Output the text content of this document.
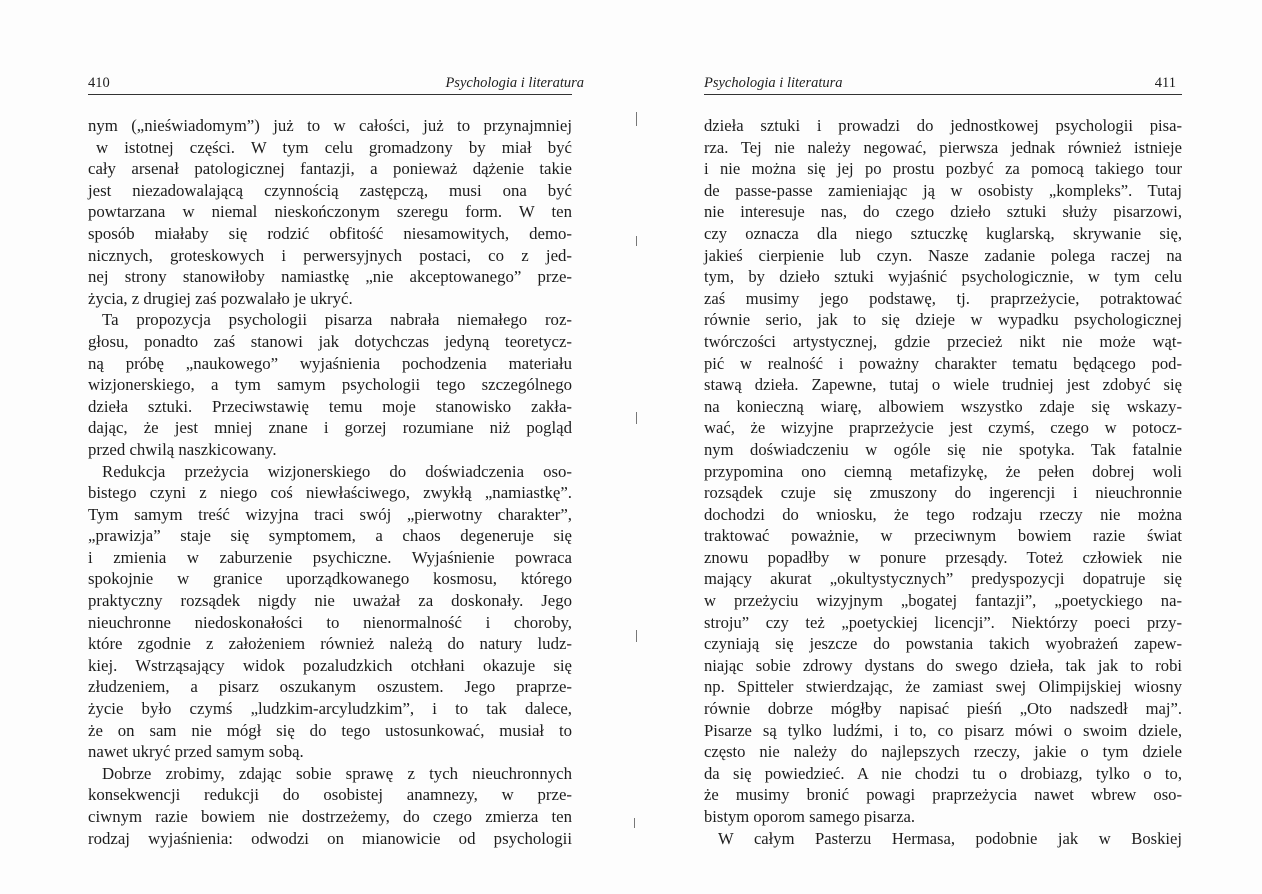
410	Psychologia i literatura
nym („nieświadomym”) już to w całości, już to przynajmniej
w istotnej części. W tym celu gromadzony by miał być
cały arsenał patologicznej fantazji, a ponieważ dążenie takie
jest niezadowalającą czynnością zastępczą, musi ona być
powtarzana w niemal nieskończonym szeregu form. W ten
sposób miałaby się rodzić obfitość niesamowitych, demo-
nicznych, groteskowych i perwersyjnych postaci, co z jed-
nej strony stanowiłoby namiastkę „nie akceptowanego” prze-
życia, z drugiej zaś pozwalało je ukryć.
Ta propozycja psychologii pisarza nabrała niemałego roz-
głosu, ponadto zaś stanowi jak dotychczas jedyną teoretycz-
ną próbę „naukowego” wyjaśnienia pochodzenia materiału
wizjonerskiego, a tym samym psychologii tego szczególnego
dzieła sztuki. Przeciwstawię temu moje stanowisko zakła-
dając, że jest mniej znane i gorzej rozumiane niż pogląd
przed chwilą naszkicowany.
Redukcja przeżycia wizjonerskiego do doświadczenia oso-
bistego czyni z niego coś niewłaściwego, zwykłą „namiastkę”.
Tym samym treść wizyjna traci swój „pierwotny charakter”,
„prawizja” staje się symptomem, a chaos degeneruje się
i zmienia w zaburzenie psychiczne. Wyjaśnienie powraca
spokojnie w granice uporządkowanego kosmosu, którego
praktyczny rozsądek nigdy nie uważał za doskonały. Jego
nieuchronne niedoskonałości to nienormalność i choroby,
które zgodnie z założeniem również należą do natury ludz-
kiej. Wstrząsający widok pozaludzkich otchłani okazuje się
złudzeniem, a pisarz oszukanym oszustem. Jego praprze-
życie było czymś „ludzkim-arcyludzkim”, i to tak dalece,
że on sam nie mógł się do tego ustosunkować, musiał to
nawet ukryć przed samym sobą.
Dobrze zrobimy, zdając sobie sprawę z tych nieuchronnych
konsekwencji redukcji do osobistej anamnezy, w prze-
ciwnym razie bowiem nie dostrzeżemy, do czego zmierza ten
rodzaj wyjaśnienia: odwodzi on mianowicie od psychologii
Psychologia i literatura	411
dzieła sztuki i prowadzi do jednostkowej psychologii pisa-
rza. Tej nie należy negować, pierwsza jednak również istnieje
i nie można się jej po prostu pozbyć za pomocą takiego tour
de passe-passe zamieniając ją w osobisty „kompleks”. Tutaj
nie interesuje nas, do czego dzieło sztuki służy pisarzowi,
czy oznacza dla niego sztuczkę kuglarską, skrywanie się,
jakieś cierpienie lub czyn. Nasze zadanie polega raczej na
tym, by dzieło sztuki wyjaśnić psychologicznie, w tym celu
zaś musimy jego podstawę, tj. praprzeżycie, potraktować
równie serio, jak to się dzieje w wypadku psychologicznej
twórczości artystycznej, gdzie przecież nikt nie może wąt-
pić w realność i poważny charakter tematu będącego pod-
stawą dzieła. Zapewne, tutaj o wiele trudniej jest zdobyć się
na konieczną wiarę, albowiem wszystko zdaje się wskazy-
wać, że wizyjne praprzeżycie jest czymś, czego w potocz-
nym doświadczeniu w ogóle się nie spotyka. Tak fatalnie
przypomina ono ciemną metafizykę, że pełen dobrej woli
rozsądek czuje się zmuszony do ingerencji i nieuchronnie
dochodzi do wniosku, że tego rodzaju rzeczy nie można
traktować poważnie, w przeciwnym bowiem razie świat
znowu popadłby w ponure przesądy. Toteż człowiek nie
mający akurat „okultystycznych” predyspozycji dopatruje się
w przeżyciu wizyjnym „bogatej fantazji”, „poetyckiego na-
stroju” czy też „poetyckiej licencji”. Niektórzy poeci przy-
czyniają się jeszcze do powstania takich wyobrażeń zapew-
niając sobie zdrowy dystans do swego dzieła, tak jak to robi
np. Spitteler stwierdzając, że zamiast swej Olimpijskiej wiosny
równie dobrze mógłby napisać pieśń „Oto nadszedł maj”.
Pisarze są tylko ludźmi, i to, co pisarz mówi o swoim dziele,
często nie należy do najlepszych rzeczy, jakie o tym dziele
da się powiedzieć. A nie chodzi tu o drobiazg, tylko o to,
że musimy bronić powagi praprzeżycia nawet wbrew oso-
bistym oporom samego pisarza.
W całym Pasterzu Hermasa, podobnie jak w Boskiej
